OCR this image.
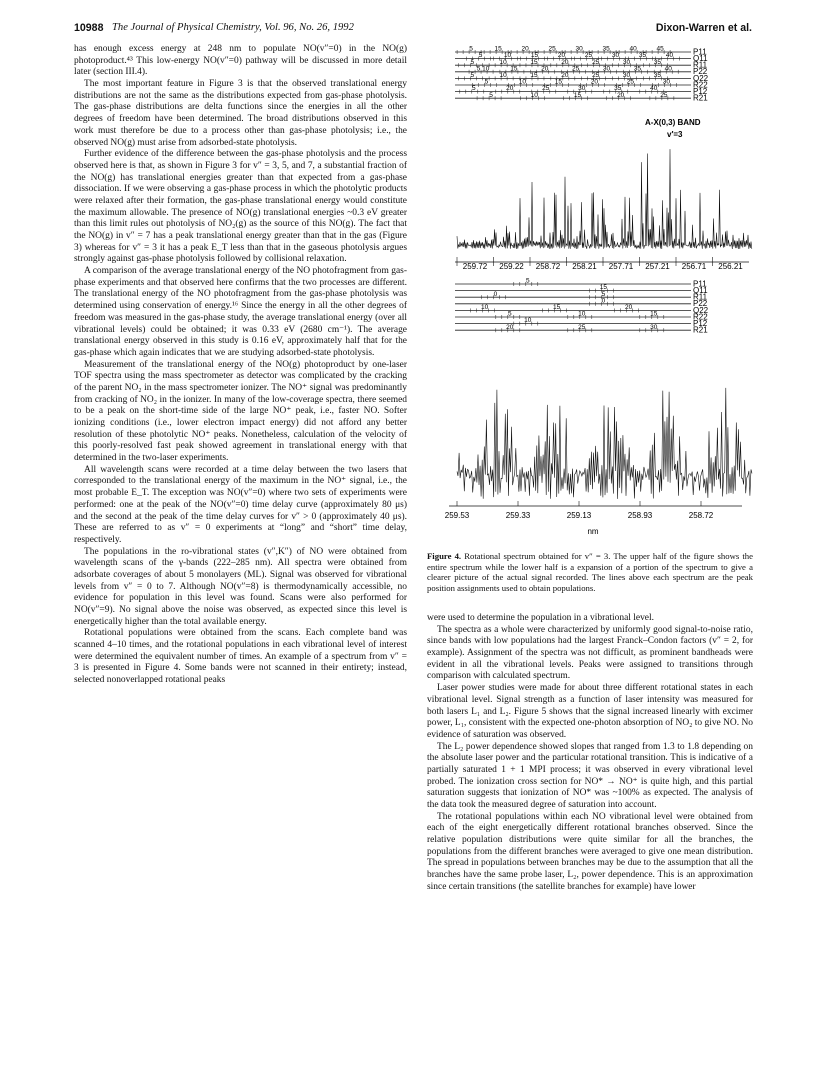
10988 The Journal of Physical Chemistry, Vol. 96, No. 26, 1992	Dixon-Warren et al.

has enough excess energy at 248 nm to populate NO(v″=0) in the NO(g) photoproduct.⁴³ This low-energy NO(v″=0) pathway will be discussed in more detail later (section III.4).

The most important feature in Figure 3 is that the observed translational energy distributions are not the same as the distributions expected from gas-phase photolysis. The gas-phase distributions are delta functions since the energies in all the other degrees of freedom have been determined. The broad distributions observed in this work must therefore be due to a process other than gas-phase photolysis; i.e., the observed NO(g) must arise from adsorbed-state photolysis.

Further evidence of the difference between the gas-phase photolysis and the process observed here is that, as shown in Figure 3 for v″ = 3, 5, and 7, a substantial fraction of the NO(g) has translational energies greater than that expected from a gas-phase dissociation. If we were observing a gas-phase process in which the photolytic products were relaxed after their formation, the gas-phase translational energy would constitute the maximum allowable. The presence of NO(g) translational energies ~0.3 eV greater than this limit rules out photolysis of NO₂(g) as the source of this NO(g). The fact that the NO(g) in v″ = 7 has a peak translational energy greater than that in the gas (Figure 3) whereas for v″ = 3 it has a peak E_T less than that in the gaseous photolysis argues strongly against gas-phase photolysis followed by collisional relaxation.

A comparison of the average translational energy of the NO photofragment from gas-phase experiments and that observed here confirms that the two processes are different. The translational energy of the NO photofragment from the gas-phase photolysis was determined using conservation of energy.¹⁶ Since the energy in all the other degrees of freedom was measured in the gas-phase study, the average translational energy (over all vibrational levels) could be obtained; it was 0.33 eV (2680 cm⁻¹). The average translational energy observed in this study is 0.16 eV, approximately half that for the gas-phase which again indicates that we are studying adsorbed-state photolysis.

Measurement of the translational energy of the NO(g) photoproduct by one-laser TOF spectra using the mass spectrometer as detector was complicated by the cracking of the parent NO₂ in the mass spectrometer ionizer. The NO⁺ signal was predominantly from cracking of NO₂ in the ionizer. In many of the low-coverage spectra, there seemed to be a peak on the short-time side of the large NO⁺ peak, i.e., faster NO. Softer ionizing conditions (i.e., lower electron impact energy) did not afford any better resolution of these photolytic NO⁺ peaks. Nonetheless, calculation of the velocity of this poorly-resolved fast peak showed agreement in translational energy with that determined in the two-laser experiments.

All wavelength scans were recorded at a time delay between the two lasers that corresponded to the translational energy of the maximum in the NO⁺ signal, i.e., the most probable E_T. The exception was NO(v″=0) where two sets of experiments were performed: one at the peak of the NO(v″=0) time delay curve (approximately 80 μs) and the second at the peak of the time delay curves for v″ > 0 (approximately 40 μs). These are referred to as v″ = 0 experiments at “long” and “short” time delay, respectively.

The populations in the ro-vibrational states (v″,K″) of NO were obtained from wavelength scans of the γ-bands (222–285 nm). All spectra were obtained from adsorbate coverages of about 5 monolayers (ML). Signal was observed for vibrational levels from v″ = 0 to 7. Although NO(v″=8) is thermodynamically accessible, no evidence for population in this level was found. Scans were also performed for NO(v″=9). No signal above the noise was observed, as expected since this level is energetically higher than the total available energy.

Rotational populations were obtained from the scans. Each complete band was scanned 4–10 times, and the rotational populations in each vibrational level of interest were determined the equivalent number of times. An example of a spectrum from v″ = 3 is presented in Figure 4. Some bands were not scanned in their entirety; instead, selected nonoverlapped rotational peaks

P11
5	15	20	25	30	35	40	45
Q11
5	10	15	20	25	30	35	40
R11
5	10	15	20	25	30	35
P22
5 10	15	20	25	30	35	40
Q22
5	10	15	20	25	30	35
R22
5	10	15	20	25	30
P12
5	20	25	30	35	40
R21
5	10	15	20	25
A-X(0,3) BAND
v′=3
259.72 259.22 258.72 258.21 257.71 257.21 256.71 256.21
P11
5
Q11
15
R11
0	5
P22
0
Q22
10	15	20
R22
5	10	15
P12
10
R21
20	25	30
259.53	259.33	259.13	258.93	258.72
nm
Figure 4. Rotational spectrum obtained for v″ = 3. The upper half of the figure shows the entire spectrum while the lower half is a expansion of a portion of the spectrum to give a clearer picture of the actual signal recorded. The lines above each spectrum are the peak position assignments used to obtain populations.

were used to determine the population in a vibrational level.

The spectra as a whole were characterized by uniformly good signal-to-noise ratio, since bands with low populations had the largest Franck–Condon factors (v″ = 2, for example). Assignment of the spectra was not difficult, as prominent bandheads were evident in all the vibrational levels. Peaks were assigned to transitions through comparison with calculated spectrum.

Laser power studies were made for about three different rotational states in each vibrational level. Signal strength as a function of laser intensity was measured for both lasers L₁ and L₂. Figure 5 shows that the signal increased linearly with excimer power, L₁, consistent with the expected one-photon absorption of NO₂ to give NO. No evidence of saturation was observed.

The L₂ power dependence showed slopes that ranged from 1.3 to 1.8 depending on the absolute laser power and the particular rotational transition. This is indicative of a partially saturated 1 + 1 MPI process; it was observed in every vibrational level probed. The ionization cross section for NO* → NO⁺ is quite high, and this partial saturation suggests that ionization of NO* was ~100% as expected. The analysis of the data took the measured degree of saturation into account.

The rotational populations within each NO vibrational level were obtained from each of the eight energetically different rotational branches observed. Since the relative population distributions were quite similar for all the branches, the populations from the different branches were averaged to give one mean distribution. The spread in populations between branches may be due to the assumption that all the branches have the same probe laser, L₂, power dependence. This is an approximation since certain transitions (the satellite branches for example) have lower
